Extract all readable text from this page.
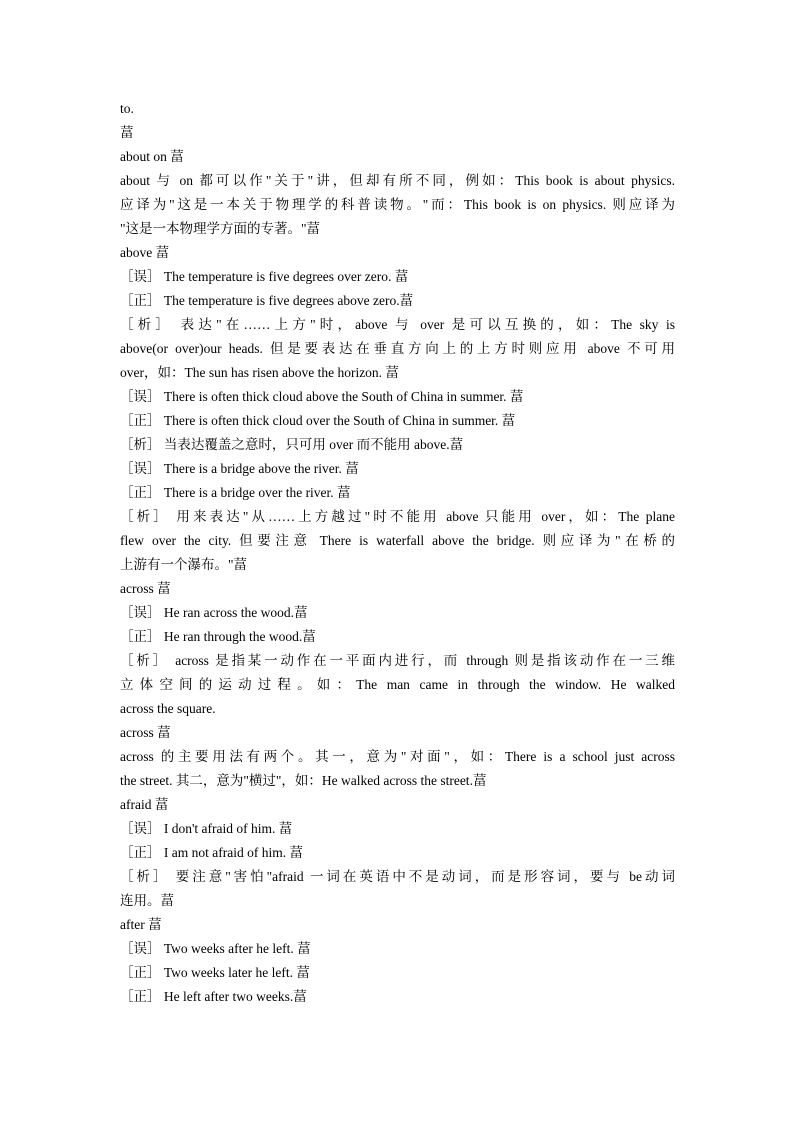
to.
葍
about on 葍
about 与 on 都可以作"关于"讲，但却有所不同，例如：This book is about physics.
应译为"这是一本关于物理学的科普读物。"而：This book is on physics. 则应译为
"这是一本物理学方面的专著。"葍
above 葍
［误］ The temperature is five degrees over zero. 葍
［正］ The temperature is five degrees above zero.葍
［析］ 表达"在……上方"时，above 与 over 是可以互换的，如：The sky is
above(or over)our heads. 但是要表达在垂直方向上的上方时则应用 above 不可用
over，如：The sun has risen above the horizon. 葍
［误］ There is often thick cloud above the South of China in summer. 葍
［正］ There is often thick cloud over the South of China in summer. 葍
［析］ 当表达覆盖之意时，只可用 over 而不能用 above.葍
［误］ There is a bridge above the river. 葍
［正］ There is a bridge over the river. 葍
［析］ 用来表达"从……上方越过"时不能用 above 只能用 over，如：The plane
flew over the city. 但要注意 There is waterfall above the bridge. 则应译为"在桥的
上游有一个瀑布。"葍
across 葍
［误］ He ran across the wood.葍
［正］ He ran through the wood.葍
［析］ across 是指某一动作在一平面内进行，而 through 则是指该动作在一三维
立体空间的运动过程。如：The man came in through the window. He walked
across the square.
across 葍
across 的主要用法有两个。其一，意为"对面"，如：There is a school just across
the street. 其二，意为"横过"，如：He walked across the street.葍
afraid 葍
［误］ I don't afraid of him. 葍
［正］ I am not afraid of him. 葍
［析］ 要注意"害怕"afraid 一词在英语中不是动词，而是形容词，要与 be动词
连用。葍
after 葍
［误］ Two weeks after he left. 葍
［正］ Two weeks later he left. 葍
［正］ He left after two weeks.葍
